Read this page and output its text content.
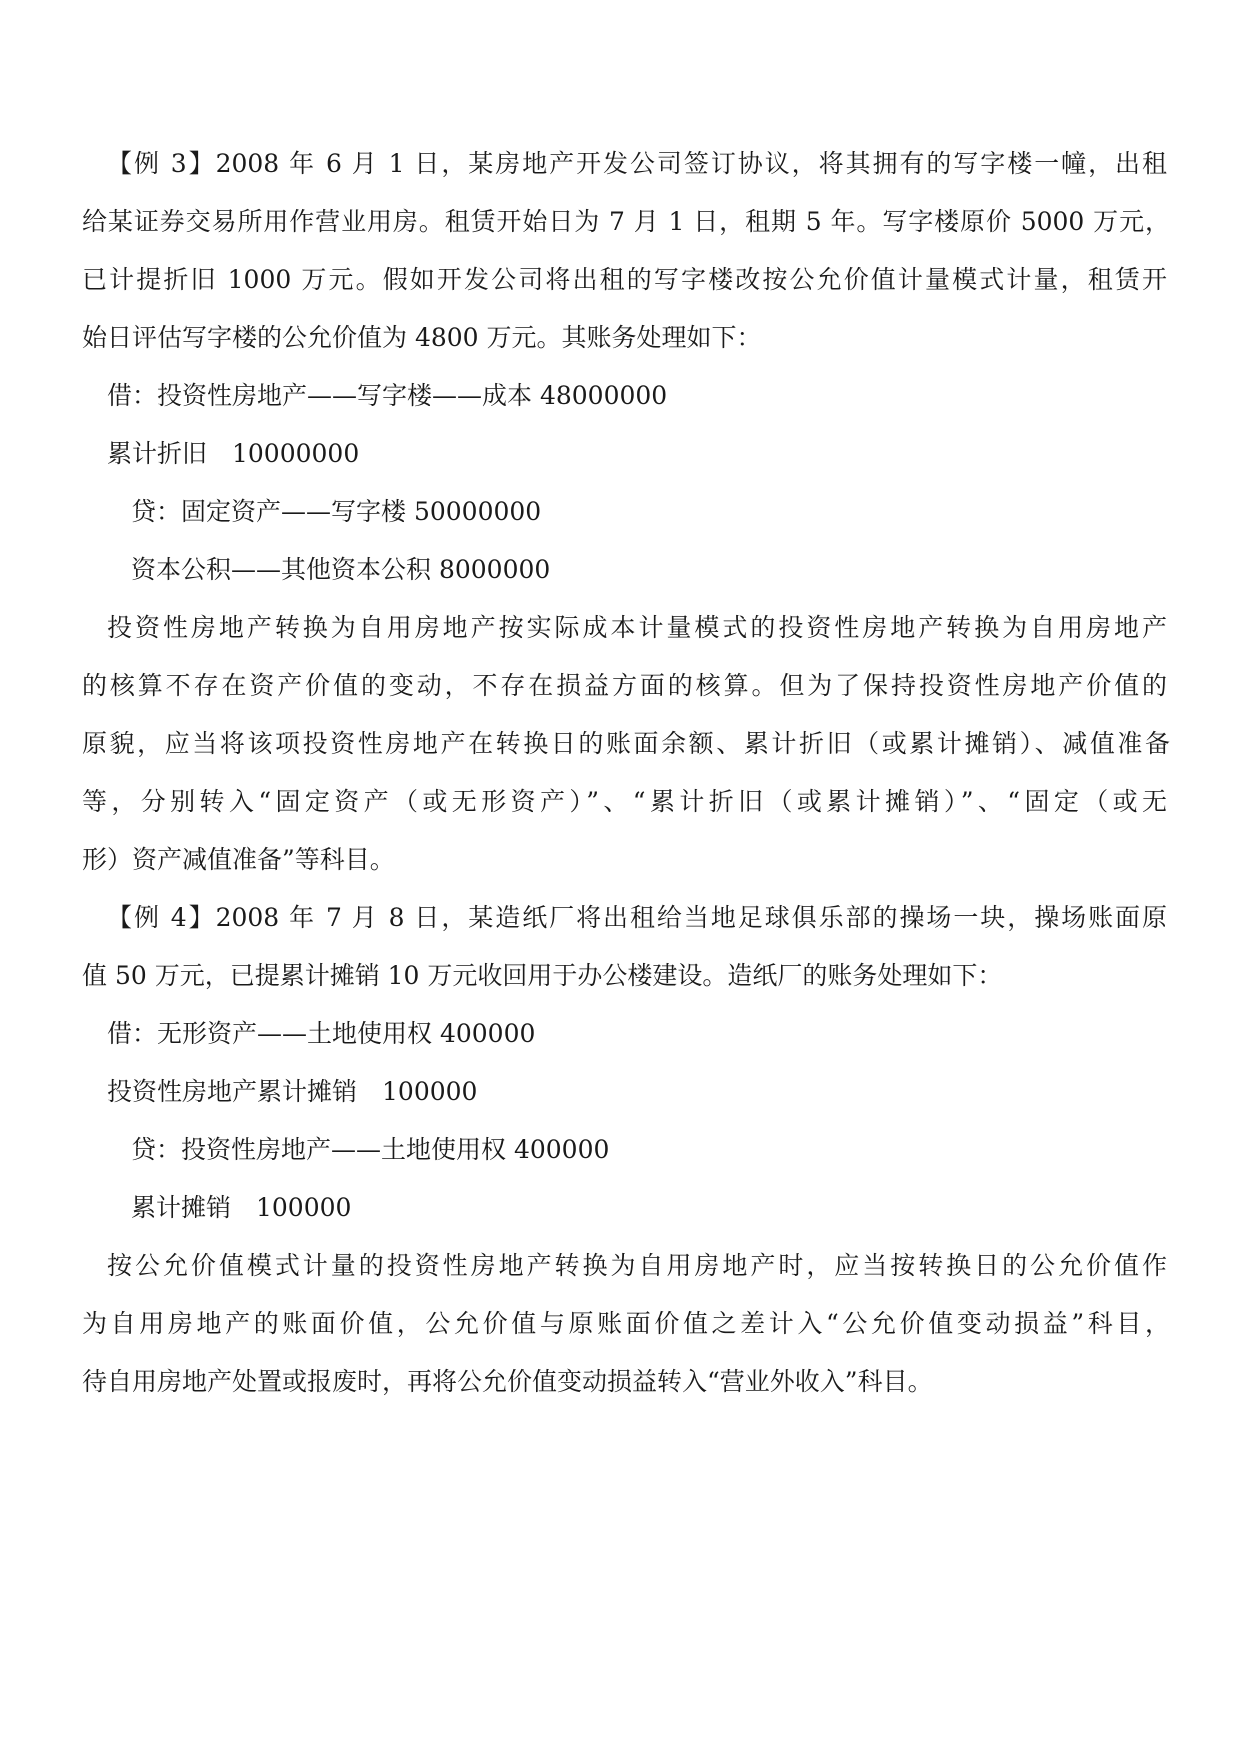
【例 3】2008 年 6 月 1 日，某房地产开发公司签订协议，将其拥有的写字楼一幢，出租

给某证券交易所用作营业用房。租赁开始日为 7 月 1 日，租期 5 年。写字楼原价 5000 万元，

已计提折旧 1000 万元。假如开发公司将出租的写字楼改按公允价值计量模式计量，租赁开

始日评估写字楼的公允价值为 4800 万元。其账务处理如下：

借：投资性房地产——写字楼——成本 48000000

累计折旧　10000000

贷：固定资产——写字楼 50000000

资本公积——其他资本公积 8000000

投资性房地产转换为自用房地产按实际成本计量模式的投资性房地产转换为自用房地产

的核算不存在资产价值的变动，不存在损益方面的核算。但为了保持投资性房地产价值的

原貌，应当将该项投资性房地产在转换日的账面余额、累计折旧（或累计摊销）、减值准备

等，分别转入“固定资产（或无形资产）”、“累计折旧（或累计摊销）”、“固定（或无

形）资产减值准备”等科目。

【例 4】2008 年 7 月 8 日，某造纸厂将出租给当地足球俱乐部的操场一块，操场账面原

值 50 万元，已提累计摊销 10 万元收回用于办公楼建设。造纸厂的账务处理如下：

借：无形资产——土地使用权 400000

投资性房地产累计摊销　100000

贷：投资性房地产——土地使用权 400000

累计摊销　100000

按公允价值模式计量的投资性房地产转换为自用房地产时，应当按转换日的公允价值作

为自用房地产的账面价值，公允价值与原账面价值之差计入“公允价值变动损益”科目，

待自用房地产处置或报废时，再将公允价值变动损益转入“营业外收入”科目。
